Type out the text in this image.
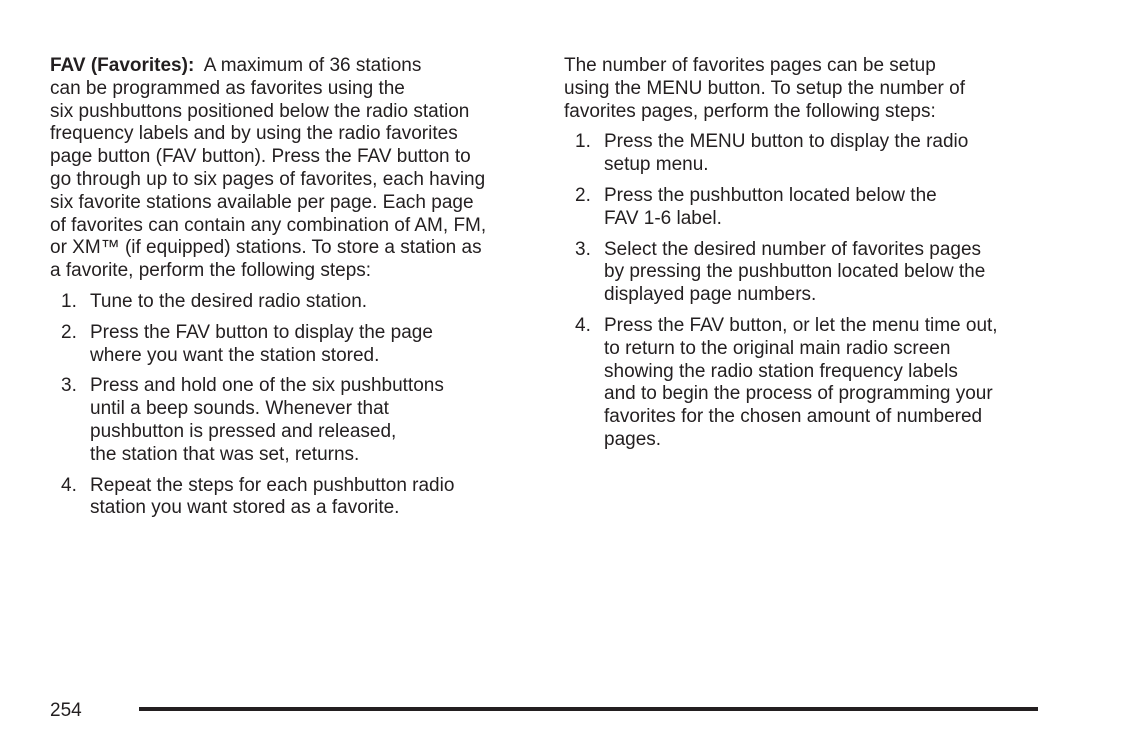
FAV (Favorites): A maximum of 36 stations
can be programmed as favorites using the
six pushbuttons positioned below the radio station
frequency labels and by using the radio favorites
page button (FAV button). Press the FAV button to
go through up to six pages of favorites, each having
six favorite stations available per page. Each page
of favorites can contain any combination of AM, FM,
or XM™ (if equipped) stations. To store a station as
a favorite, perform the following steps:

1. Tune to the desired radio station.
2. Press the FAV button to display the page
where you want the station stored.
3. Press and hold one of the six pushbuttons
until a beep sounds. Whenever that
pushbutton is pressed and released,
the station that was set, returns.
4. Repeat the steps for each pushbutton radio
station you want stored as a favorite.

The number of favorites pages can be setup
using the MENU button. To setup the number of
favorites pages, perform the following steps:

1. Press the MENU button to display the radio
setup menu.
2. Press the pushbutton located below the
FAV 1-6 label.
3. Select the desired number of favorites pages
by pressing the pushbutton located below the
displayed page numbers.
4. Press the FAV button, or let the menu time out,
to return to the original main radio screen
showing the radio station frequency labels
and to begin the process of programming your
favorites for the chosen amount of numbered
pages.
254
